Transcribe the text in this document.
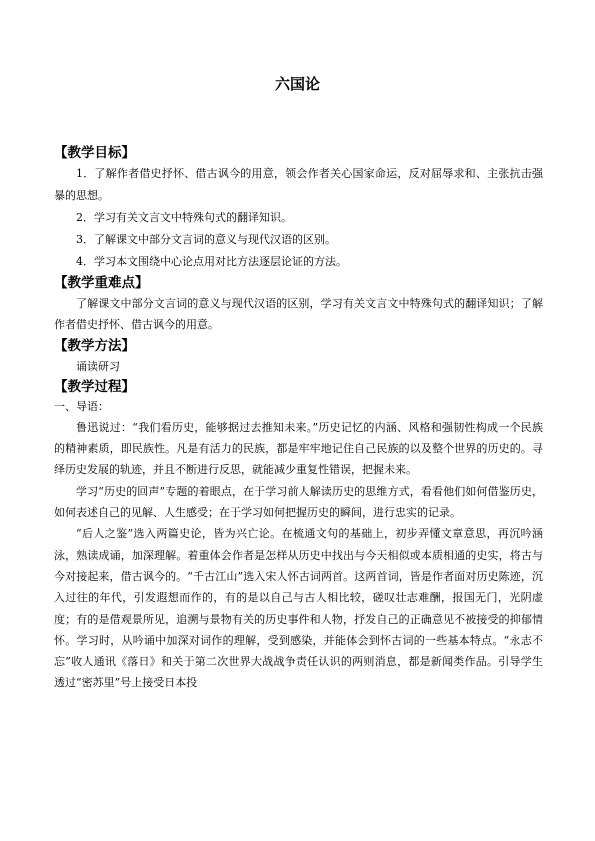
六国论

【教学目标】

1．了解作者借史抒怀、借古讽今的用意，领会作者关心国家命运，反对屈辱求和、主张抗击强暴的思想。

2．学习有关文言文中特殊句式的翻译知识。

3．了解课文中部分文言词的意义与现代汉语的区别。

4．学习本文围绕中心论点用对比方法逐层论证的方法。

【教学重难点】

了解课文中部分文言词的意义与现代汉语的区别，学习有关文言文中特殊句式的翻译知识；了解作者借史抒怀、借古讽今的用意。

【教学方法】

诵读研习

【教学过程】

一、导语：

鲁迅说过：“我们看历史，能够据过去推知未来。”历史记忆的内涵、风格和强韧性构成一个民族的精神素质，即民族性。凡是有活力的民族，都是牢牢地记住自己民族的以及整个世界的历史的。寻绎历史发展的轨迹，并且不断进行反思，就能减少重复性错误，把握未来。

学习“历史的回声”专题的着眼点，在于学习前人解读历史的思维方式，看看他们如何借鉴历史，如何表述自己的见解、人生感受；在于学习如何把握历史的瞬间，进行忠实的记录。

“后人之鉴”选入两篇史论，皆为兴亡论。在梳通文句的基础上，初步弄懂文章意思，再沉吟涵泳，熟读成诵，加深理解。着重体会作者是怎样从历史中找出与今天相似或本质相通的史实，将古与今对接起来，借古讽今的。“千古江山”选入宋人怀古词两首。这两首词，皆是作者面对历史陈迹，沉入过往的年代，引发遐想而作的，有的是以自己与古人相比较，磋叹壮志难酬，报国无门，光阴虚度；有的是借观景所见，追溯与景物有关的历史事件和人物，抒发自己的正确意见不被接受的抑郁情怀。学习时，从吟诵中加深对词作的理解，受到感染，并能体会到怀古词的一些基本特点。“永志不忘”收人通讯《落日》和关于第二次世界大战战争责任认识的两则消息，都是新闻类作品。引导学生透过“密苏里”号上接受日本投
